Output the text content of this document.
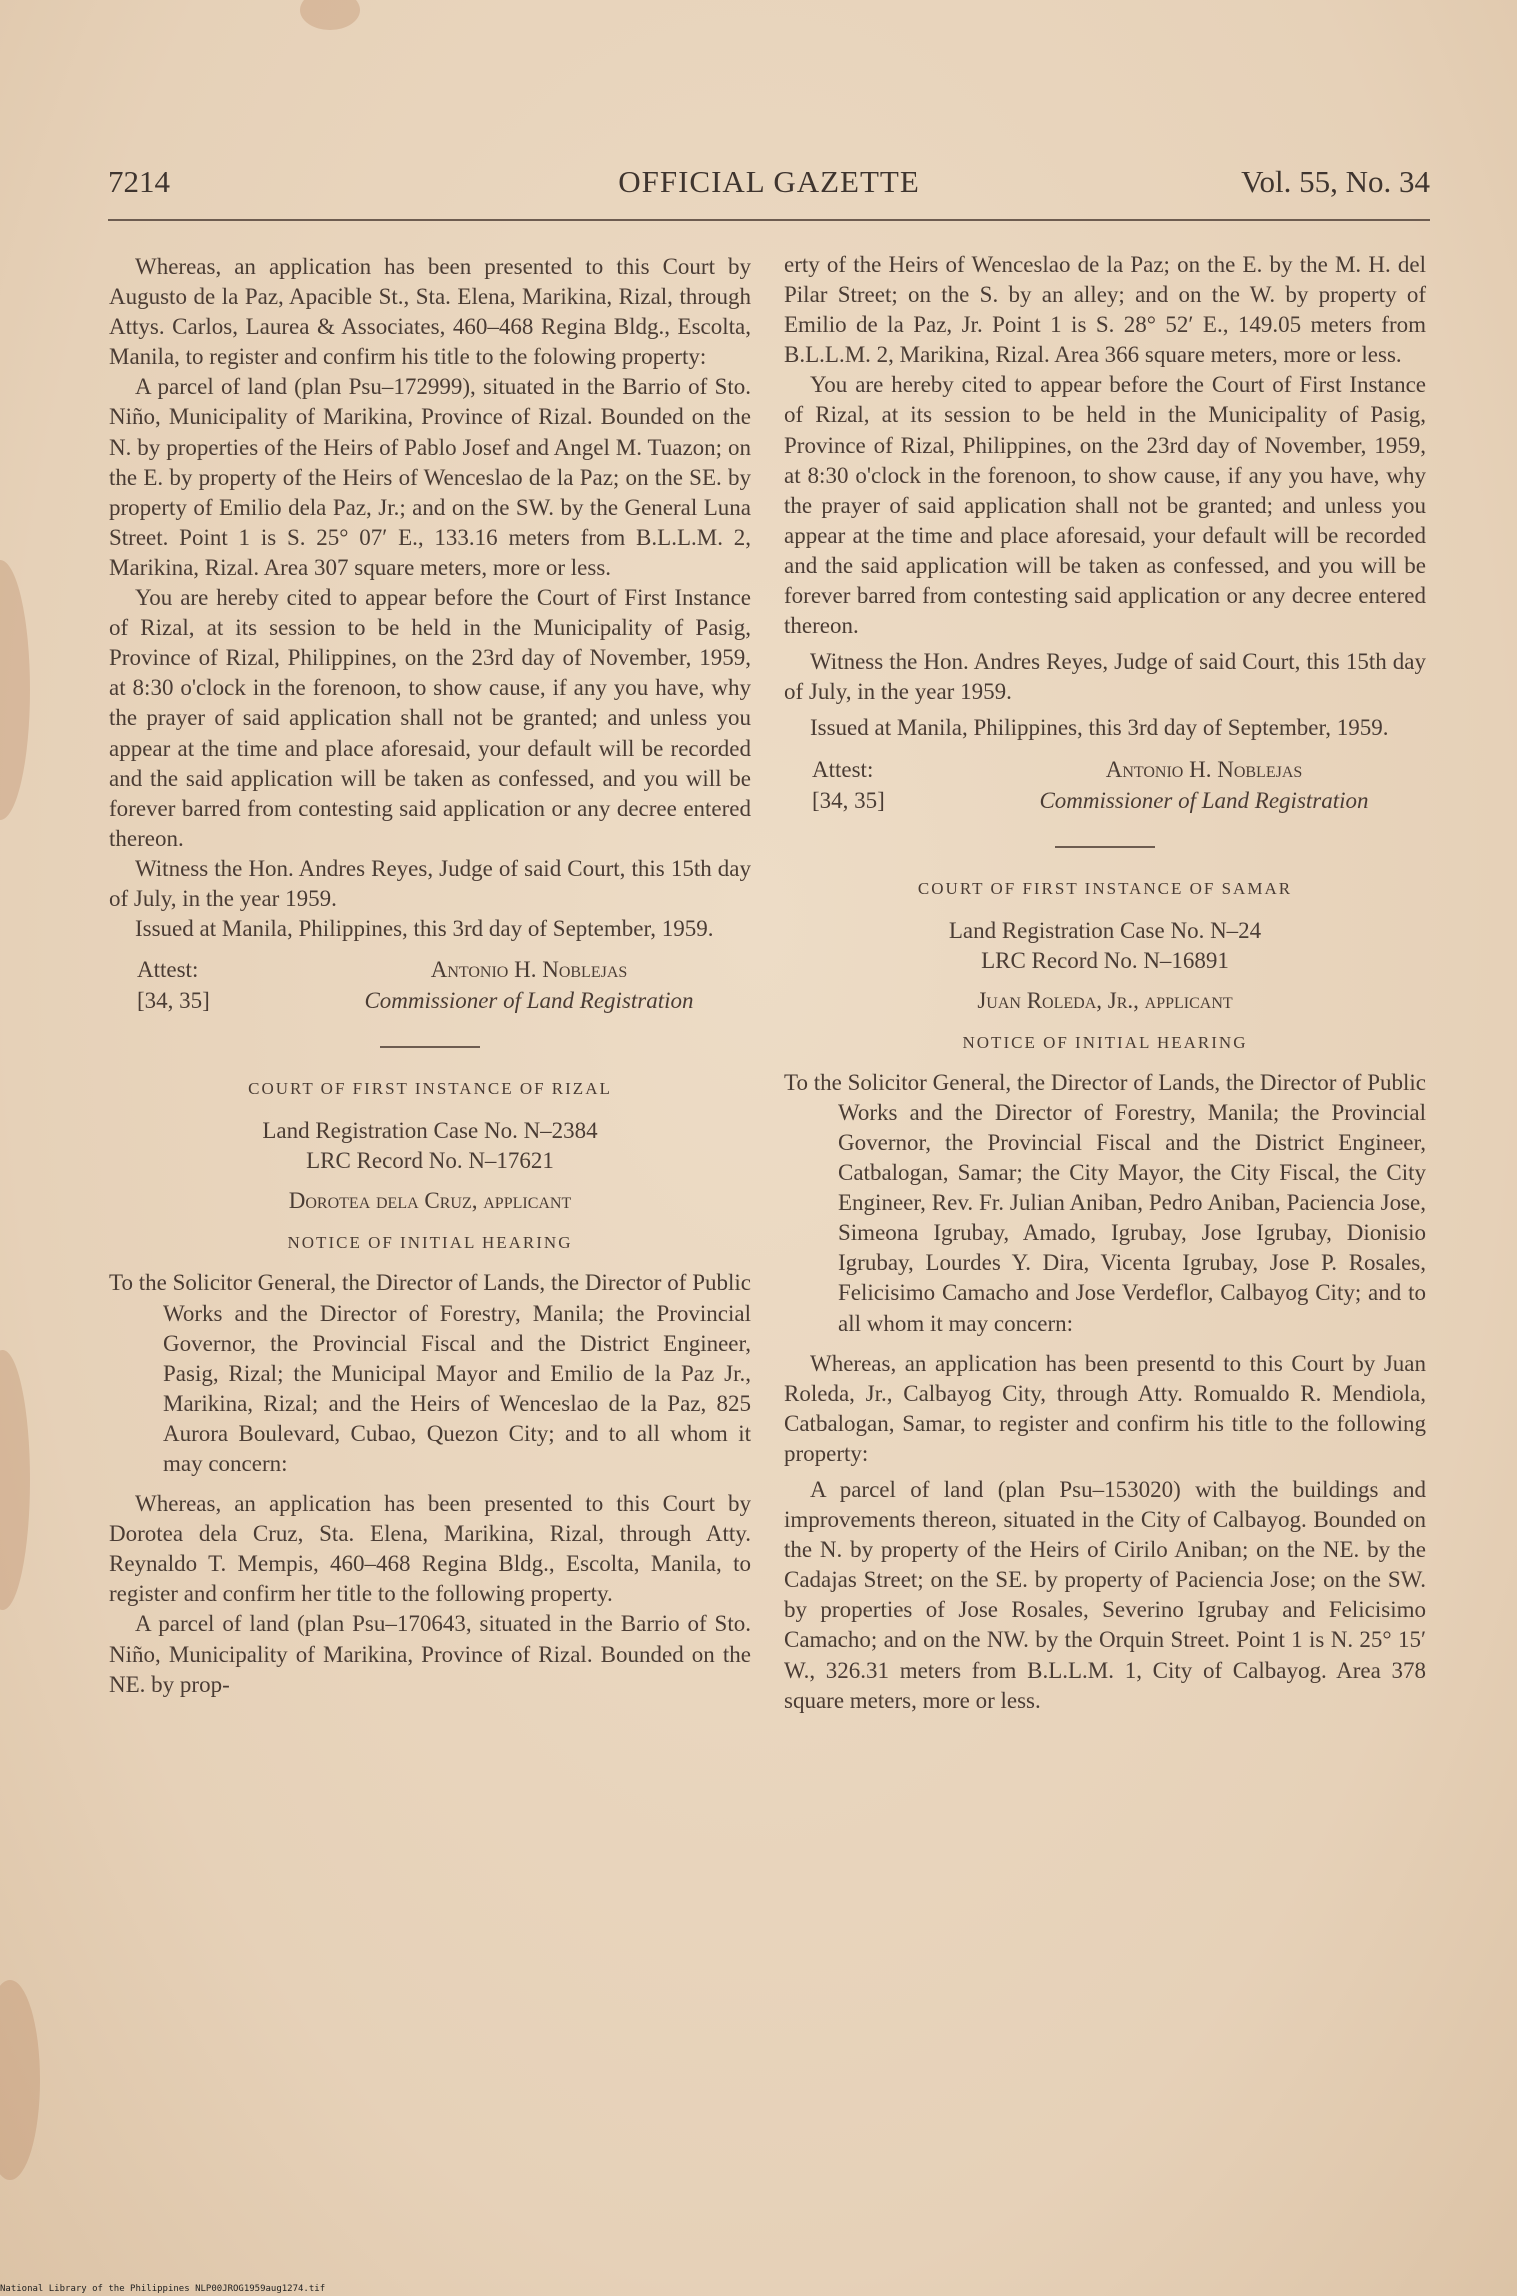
7214	OFFICIAL GAZETTE	Vol. 55, No. 34

Whereas, an application has been presented to this Court by Augusto de la Paz, Apacible St., Sta. Elena, Marikina, Rizal, through Attys. Carlos, Laurea & Associates, 460–468 Regina Bldg., Escolta, Manila, to register and confirm his title to the folowing property:

A parcel of land (plan Psu–172999), situated in the Barrio of Sto. Niño, Municipality of Marikina, Province of Rizal. Bounded on the N. by properties of the Heirs of Pablo Josef and Angel M. Tuazon; on the E. by property of the Heirs of Wenceslao de la Paz; on the SE. by property of Emilio dela Paz, Jr.; and on the SW. by the General Luna Street. Point 1 is S. 25° 07′ E., 133.16 meters from B.L.L.M. 2, Marikina, Rizal. Area 307 square meters, more or less.

You are hereby cited to appear before the Court of First Instance of Rizal, at its session to be held in the Municipality of Pasig, Province of Rizal, Philippines, on the 23rd day of November, 1959, at 8:30 o'clock in the forenoon, to show cause, if any you have, why the prayer of said application shall not be granted; and unless you appear at the time and place aforesaid, your default will be recorded and the said application will be taken as confessed, and you will be forever barred from contesting said application or any decree entered thereon.

Witness the Hon. Andres Reyes, Judge of said Court, this 15th day of July, in the year 1959.

Issued at Manila, Philippines, this 3rd day of September, 1959.

Attest:
[34, 35]
Antonio H. Noblejas
Commissioner of Land Registration
COURT OF FIRST INSTANCE OF RIZAL
Land Registration Case No. N–2384
LRC Record No. N–17621
Dorotea dela Cruz, applicant
NOTICE OF INITIAL HEARING
To the Solicitor General, the Director of Lands, the Director of Public Works and the Director of Forestry, Manila; the Provincial Governor, the Provincial Fiscal and the District Engineer, Pasig, Rizal; the Municipal Mayor and Emilio de la Paz Jr., Marikina, Rizal; and the Heirs of Wenceslao de la Paz, 825 Aurora Boulevard, Cubao, Quezon City; and to all whom it may concern:

Whereas, an application has been presented to this Court by Dorotea dela Cruz, Sta. Elena, Marikina, Rizal, through Atty. Reynaldo T. Mempis, 460–468 Regina Bldg., Escolta, Manila, to register and confirm her title to the following property.

A parcel of land (plan Psu–170643, situated in the Barrio of Sto. Niño, Municipality of Marikina, Province of Rizal. Bounded on the NE. by prop-

erty of the Heirs of Wenceslao de la Paz; on the E. by the M. H. del Pilar Street; on the S. by an alley; and on the W. by property of Emilio de la Paz, Jr. Point 1 is S. 28° 52′ E., 149.05 meters from B.L.L.M. 2, Marikina, Rizal. Area 366 square meters, more or less.

You are hereby cited to appear before the Court of First Instance of Rizal, at its session to be held in the Municipality of Pasig, Province of Rizal, Philippines, on the 23rd day of November, 1959, at 8:30 o'clock in the forenoon, to show cause, if any you have, why the prayer of said application shall not be granted; and unless you appear at the time and place aforesaid, your default will be recorded and the said application will be taken as confessed, and you will be forever barred from contesting said application or any decree entered thereon.

Witness the Hon. Andres Reyes, Judge of said Court, this 15th day of July, in the year 1959.

Issued at Manila, Philippines, this 3rd day of September, 1959.

Attest:
[34, 35]
Antonio H. Noblejas
Commissioner of Land Registration
COURT OF FIRST INSTANCE OF SAMAR
Land Registration Case No. N–24
LRC Record No. N–16891
Juan Roleda, Jr., applicant
NOTICE OF INITIAL HEARING
To the Solicitor General, the Director of Lands, the Director of Public Works and the Director of Forestry, Manila; the Provincial Governor, the Provincial Fiscal and the District Engineer, Catbalogan, Samar; the City Mayor, the City Fiscal, the City Engineer, Rev. Fr. Julian Aniban, Pedro Aniban, Paciencia Jose, Simeona Igrubay, Amado, Igrubay, Jose Igrubay, Dionisio Igrubay, Lourdes Y. Dira, Vicenta Igrubay, Jose P. Rosales, Felicisimo Camacho and Jose Verdeflor, Calbayog City; and to all whom it may concern:

Whereas, an application has been presentd to this Court by Juan Roleda, Jr., Calbayog City, through Atty. Romualdo R. Mendiola, Catbalogan, Samar, to register and confirm his title to the following property:

A parcel of land (plan Psu–153020) with the buildings and improvements thereon, situated in the City of Calbayog. Bounded on the N. by property of the Heirs of Cirilo Aniban; on the NE. by the Cadajas Street; on the SE. by property of Paciencia Jose; on the SW. by properties of Jose Rosales, Severino Igrubay and Felicisimo Camacho; and on the NW. by the Orquin Street. Point 1 is N. 25° 15′ W., 326.31 meters from B.L.L.M. 1, City of Calbayog. Area 378 square meters, more or less.

National Library of the Philippines NLP00JROG1959aug1274.tif
